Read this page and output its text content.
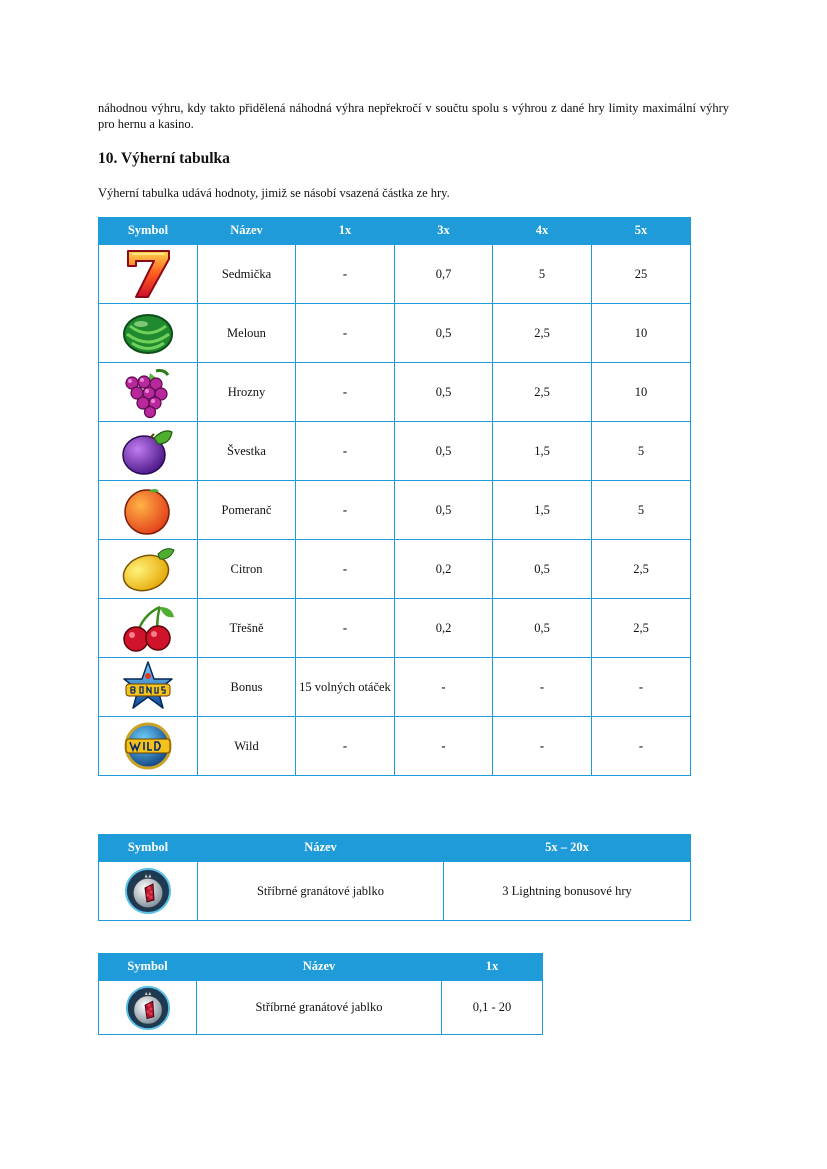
náhodnou výhru, kdy takto přidělená náhodná výhra nepřekročí v součtu spolu s výhrou z dané hry limity maximální výhry pro hernu a kasino.
10. Výherní tabulka
Výherní tabulka udává hodnoty, jimiž se násobí vsazená částka ze hry.
Symbol	Název	1x	3x	4x	5x

	Sedmička	-	0,7	5	25

	Meloun	-	0,5	2,5	10

	Hrozny	-	0,5	2,5	10

	Švestka	-	0,5	1,5	5

	Pomeranč	-	0,5	1,5	5

	Citron	-	0,2	0,5	2,5

	Třešně	-	0,2	0,5	2,5

	Bonus	15 volných otáček	-	-	-

	Wild	-	-	-	-
Symbol	Název	5x – 20x

	Stříbrné granátové jablko	3 Lightning bonusové hry
Symbol	Název	1x

	Stříbrné granátové jablko	0,1 - 20
